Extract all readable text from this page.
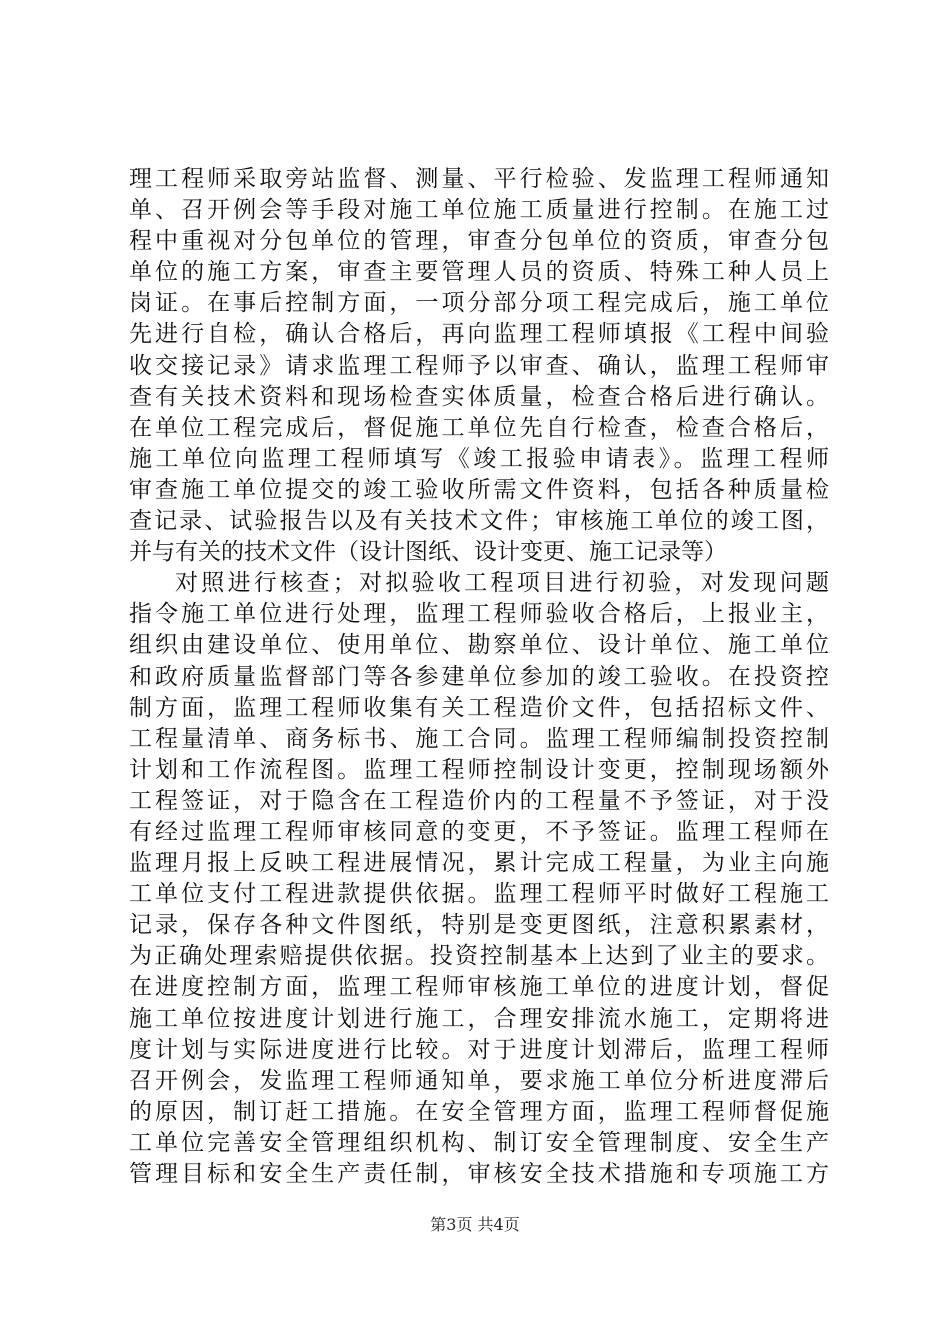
理工程师采取旁站监督、测量、平行检验、发监理工程师通知
单、召开例会等手段对施工单位施工质量进行控制。在施工过
程中重视对分包单位的管理，审查分包单位的资质，审查分包
单位的施工方案，审查主要管理人员的资质、特殊工种人员上
岗证。在事后控制方面，一项分部分项工程完成后，施工单位
先进行自检，确认合格后，再向监理工程师填报《工程中间验
收交接记录》请求监理工程师予以审查、确认，监理工程师审
查有关技术资料和现场检查实体质量，检查合格后进行确认。
在单位工程完成后，督促施工单位先自行检查，检查合格后，
施工单位向监理工程师填写《竣工报验申请表》。监理工程师
审查施工单位提交的竣工验收所需文件资料，包括各种质量检
查记录、试验报告以及有关技术文件；审核施工单位的竣工图，
并与有关的技术文件（设计图纸、设计变更、施工记录等）
对照进行核查；对拟验收工程项目进行初验，对发现问题
指令施工单位进行处理，监理工程师验收合格后，上报业主，
组织由建设单位、使用单位、勘察单位、设计单位、施工单位
和政府质量监督部门等各参建单位参加的竣工验收。在投资控
制方面，监理工程师收集有关工程造价文件，包括招标文件、
工程量清单、商务标书、施工合同。监理工程师编制投资控制
计划和工作流程图。监理工程师控制设计变更，控制现场额外
工程签证，对于隐含在工程造价内的工程量不予签证，对于没
有经过监理工程师审核同意的变更，不予签证。监理工程师在
监理月报上反映工程进展情况，累计完成工程量，为业主向施
工单位支付工程进款提供依据。监理工程师平时做好工程施工
记录，保存各种文件图纸，特别是变更图纸，注意积累素材，
为正确处理索赔提供依据。投资控制基本上达到了业主的要求。
在进度控制方面，监理工程师审核施工单位的进度计划，督促
施工单位按进度计划进行施工，合理安排流水施工，定期将进
度计划与实际进度进行比较。对于进度计划滞后，监理工程师
召开例会，发监理工程师通知单，要求施工单位分析进度滞后
的原因，制订赶工措施。在安全管理方面，监理工程师督促施
工单位完善安全管理组织机构、制订安全管理制度、安全生产
管理目标和安全生产责任制，审核安全技术措施和专项施工方
第3页 共4页
